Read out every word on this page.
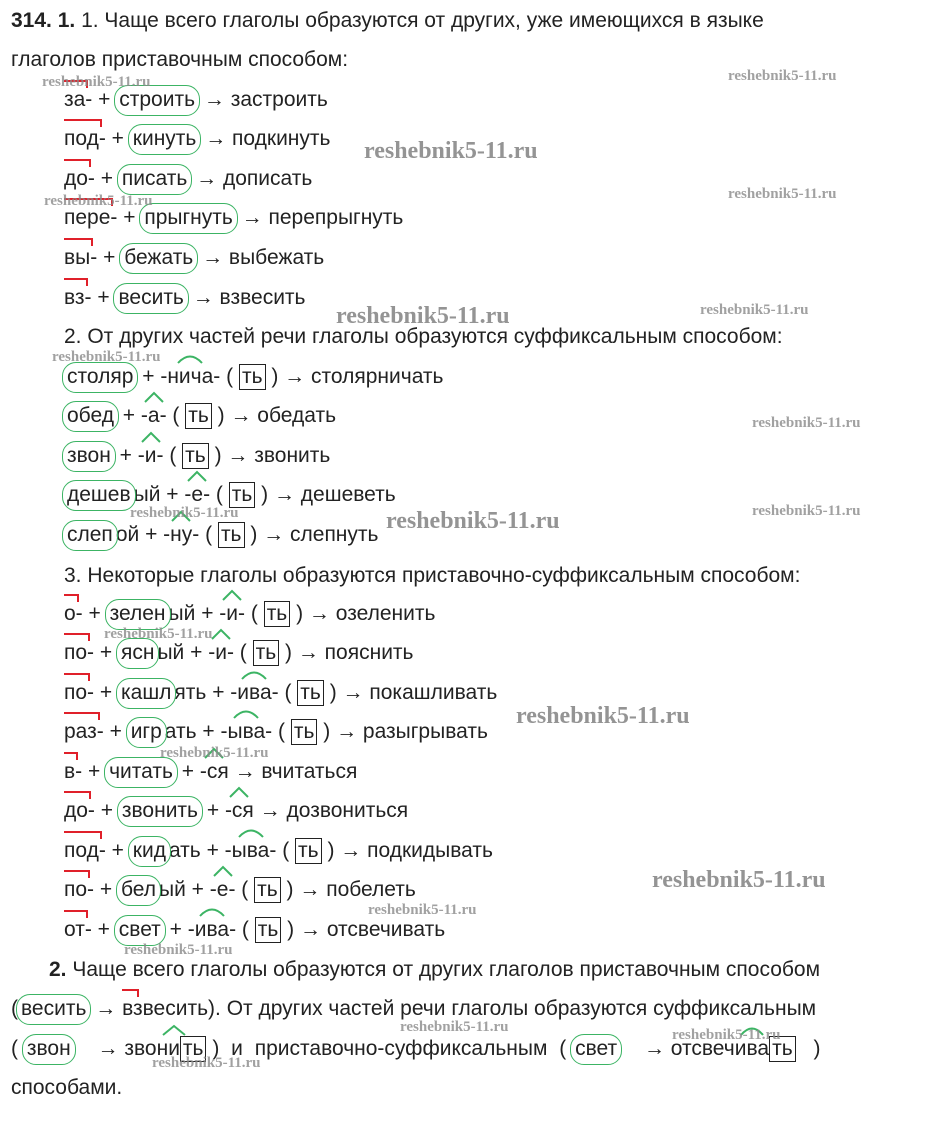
314. 1. 1. Чаще всего глаголы образуются от других, уже имеющихся в языке
глаголов приставочным способом:
за- + строить → застроить
под- + кинуть → подкинуть
до- + писать → дописать
пере- + прыгнуть → перепрыгнуть
вы- + бежать → выбежать
вз- + весить → взвесить
2. От других частей речи глаголы образуются суффиксальным способом:
столяр +
-нича- ( ть ) → столярничать
обед +
-а- ( ть ) → обедать
звон +
-и- ( ть ) → звонить
дешев ый +
-е- ( ть ) → дешеветь
слеп ой +
-ну- ( ть ) → слепнуть
3. Некоторые глаголы образуются приставочно-суффиксальным способом:
о- + зелен ый +
-и- ( ть ) → озеленить
по- + ясн ый +
-и- ( ть ) → пояснить
по- + кашл ять +
-ива- ( ть ) → покашливать
раз- + игр ать +
-ыва- ( ть ) → разыгрывать
в- + читать +
-ся → вчитаться
до- + звонить +
-ся → дозвониться
под- + кид ать +
-ыва- ( ть ) → подкидывать
по- + бел ый +
-е- ( ть ) → побелеть
от- + свет +
-ива- ( ть ) → отсвечивать
2. Чаще всего глаголы образуются от других глаголов приставочным способом
( весить → взвесить). От других частей речи глаголы образуются суффиксальным
( звон → звон
и ть ) и приставочно-суффиксальным ( свет → отсвеч
ива ть )
способами.
reshebnik5-11.ru	reshebnik5-11.ru
reshebnik5-11.ru
reshebnik5-11.ru	reshebnik5-11.ru
reshebnik5-11.ru	reshebnik5-11.ru
reshebnik5-11.ru
reshebnik5-11.ru
reshebnik5-11.ru	reshebnik5-11.ru
reshebnik5-11.ru
reshebnik5-11.ru
reshebnik5-11.ru
reshebnik5-11.ru
reshebnik5-11.ru
reshebnik5-11.ru
reshebnik5-11.ru
reshebnik5-11.ru	reshebnik5-11.ru
reshebnik5-11.ru
